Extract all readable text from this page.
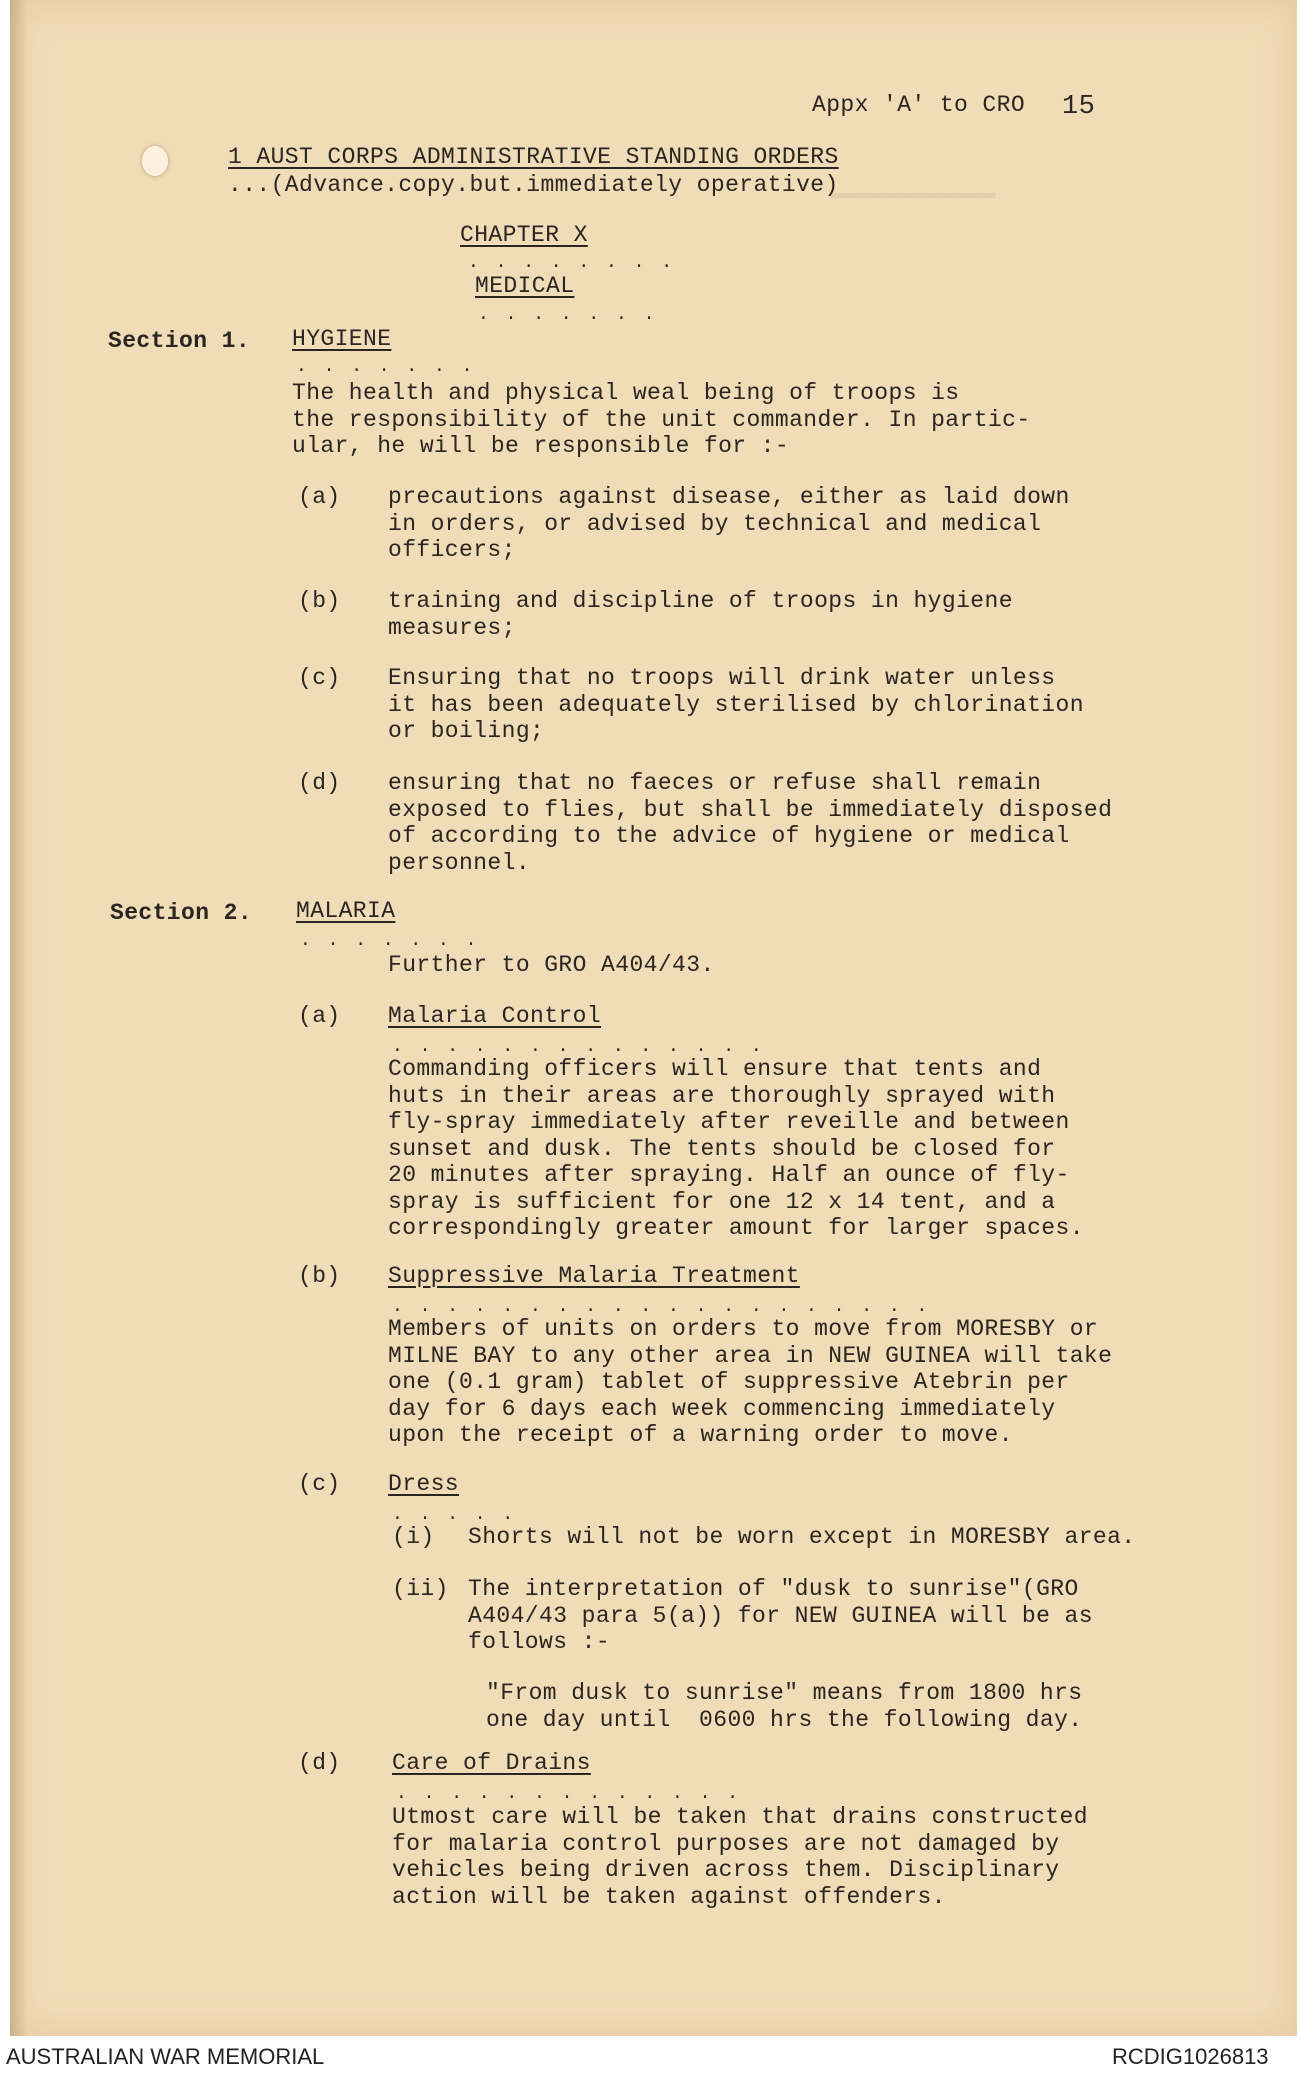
▬▬▬▬▬▬▬▬▬▬▬▬

Appx 'A' to CRO 15

1 AUST CORPS ADMINISTRATIVE STANDING ORDERS

...(Advance.copy.but.immediately operative)

CHAPTER X

. . . . . . . .

MEDICAL

. . . . . . .

Section 1. HYGIENE

. . . . . . .

The health and physical weal being of troops is
the responsibility of the unit commander. In partic-
ular, he will be responsible for :-

(a) precautions against disease, either as laid down
in orders, or advised by technical and medical
officers;

(b) training and discipline of troops in hygiene
measures;

(c) Ensuring that no troops will drink water unless
it has been adequately sterilised by chlorination
or boiling;

(d) ensuring that no faeces or refuse shall remain
exposed to flies, but shall be immediately disposed
of according to the advice of hygiene or medical
personnel.

Section 2. MALARIA

. . . . . . .

Further to GRO A404/43.

(a) Malaria Control

. . . . . . . . . . . . . .

Commanding officers will ensure that tents and
huts in their areas are thoroughly sprayed with
fly-spray immediately after reveille and between
sunset and dusk. The tents should be closed for
20 minutes after spraying. Half an ounce of fly-
spray is sufficient for one 12 x 14 tent, and a
correspondingly greater amount for larger spaces.

(b) Suppressive Malaria Treatment

. . . . . . . . . . . . . . . . . . . .

Members of units on orders to move from MORESBY or
MILNE BAY to any other area in NEW GUINEA will take
one (0.1 gram) tablet of suppressive Atebrin per
day for 6 days each week commencing immediately
upon the receipt of a warning order to move.

(c) Dress

. . . . .

(i) Shorts will not be worn except in MORESBY area.

(ii) The interpretation of "dusk to sunrise"(GRO
A404/43 para 5(a)) for NEW GUINEA will be as
follows :-

"From dusk to sunrise" means from 1800 hrs
one day until  0600 hrs the following day.

(d) Care of Drains

. . . . . . . . . . . . .

Utmost care will be taken that drains constructed
for malaria control purposes are not damaged by
vehicles being driven across them. Disciplinary
action will be taken against offenders.

AUSTRALIAN WAR MEMORIAL	RCDIG1026813
